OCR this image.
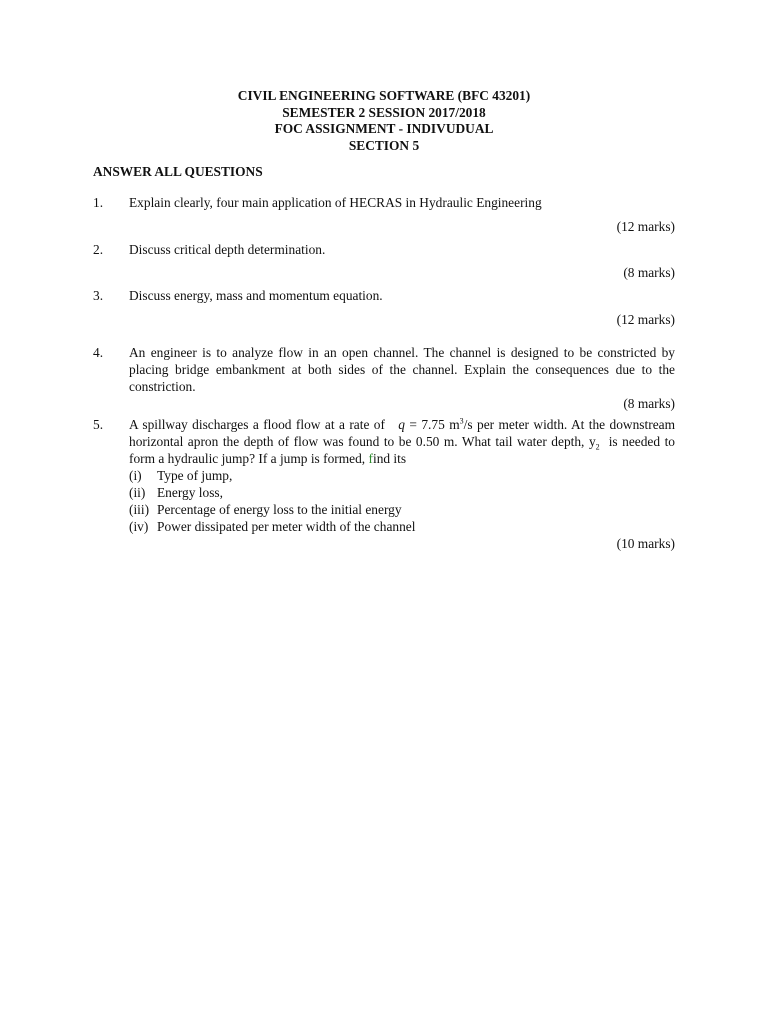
CIVIL ENGINEERING SOFTWARE (BFC 43201)
SEMESTER 2 SESSION 2017/2018
FOC ASSIGNMENT - INDIVUDUAL
SECTION 5
ANSWER ALL QUESTIONS
1.	Explain clearly, four main application of HECRAS in Hydraulic Engineering
(12 marks)
2.	Discuss critical depth determination.
(8 marks)
3.	Discuss energy, mass and momentum equation.
(12 marks)
4.	An engineer is to analyze flow in an open channel. The channel is designed to be constricted by placing bridge embankment at both sides of the channel. Explain the consequences due to the constriction.
(8 marks)
5.	A spillway discharges a flood flow at a rate of q = 7.75 $m^3/s$ per meter width. At the downstream horizontal apron the depth of flow was found to be 0.50 m. What tail water depth, $y_2$ is needed to form a hydraulic jump? If a jump is formed, find its
(i)	Type of jump,
(ii) Energy loss,
(iii) Percentage of energy loss to the initial energy
(iv) Power dissipated per meter width of the channel
(10 marks)
